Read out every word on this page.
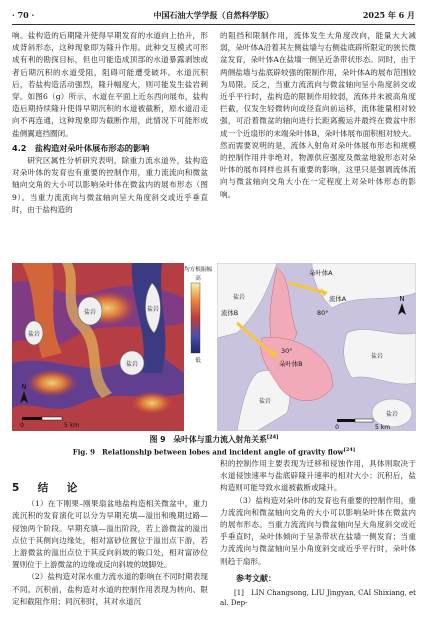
· 70 ·	中国石油大学学报（自然科学版）	2025 年 6 月

响。盐构造的后期隆升使得早期发育的水道向上抬升，形成背斜形态，这种现象即为隆升作用。此种交互模式可形成有利的勘探目标，但也可能造成顶部的水道暴露剥蚀或者后期沉积的水道受阻，阻碍可能遭受破坏。水道沉积后，若盐构造活动强烈，隆升幅度大，则可能发生盐岩刺穿。如图6（g）所示，水道在平面上近东西向展布，盐构造后期持续隆升使得早期沉积的水道被截断，原水道沿走向不再连通，这种现象即为截断作用，此情况下可能形成盐侧翼遮挡圈闭。

4.2　盐构造对朵叶体展布形态的影响

研究区属性分析研究表明，除重力流水道外，盐构造对朵叶体的发育也有重要的控制作用，重力流流向和微盆轴向交角的大小可以影响朵叶体在微盆内的展布形态（图9）。当重力流流向与微盆轴向呈大角度斜交或近乎垂直时，由于盐构造的

的阻挡和限制作用，流体发生大角度改向，能量大大减弱，朵叶体A沿着其左侧盐墙与右侧盐底辟所限定的狭长微盆发育，朵叶体A在盐墙一侧呈近条带状形态。同时，由于两侧盐墙与盐底辟较强的限制作用，朵叶体A的展布范围较为局限。反之，当重力流流向与微盆轴向呈小角度斜交或近乎平行时，盐构造的限制作用较弱，流体并未被高角度拦截，仅发生轻微转向或径直向前运移，流体能量相对较强，可沿着微盆的轴向进行长距离搬运并最终在微盆中形成一个近扇形的末端朵叶体B，朵叶体展布面积相对较大。然而需要说明的是，流体入射角对朵叶体展布形态和规模的控制作用并非绝对，物源供应强度及微盆地貌形态对朵叶体的展布同样也具有重要的影响，这里只是强调流体流向与微盆轴向交角大小在一定程度上对朵叶体形态的影响。

盐岩	盐岩
盐岩
盐岩
N
0	5 km
均方根振幅
高
低
朵叶体A
流体A
80°
流体B
朵叶体B
30°
盐岩
盐岩
盐岩
盐岩
N
0	5 km
图 9　朵叶体与重力流入射角关系[24]
Fig. 9　Relationship between lobes and incident angle of gravity flow[24]
5　结　论

（1）在下刚果–刚果扇盆地盐构造相关微盆中，重力流沉积的发育演化可以分为早期充填—溢出和晚期过路—侵蚀两个阶段。早期充填—溢出阶段，若上游微盆的溢出点位于其侧向边缘处，相对富砂位置位于溢出点下游，若上游微盆的溢出点位于其反向斜坡的鞍口处，相对富砂位置则位于上游微盆的边缘或反向斜坡的坡脚处。

（2）盐构造对深水重力流水道的影响在不同时期表现不同。沉积前，盐构造对水道的控制作用表现为转向、限定和截阻作用；同沉积时，其对水道沉

积的控制作用主要表现为迁移和侵蚀作用，具体则取决于水道侵蚀速率与盐底辟隆升速率的相对大小；沉积后，盐构造则可能导致水道被截断或隆升。

（3）盐构造对朵叶体的发育也有重要的控制作用，重力流流向和微盆轴向交角的大小可以影响朵叶体在微盆内的展布形态。当重力流流向与微盆轴向呈大角度斜交或近乎垂直时，朵叶体倾向于呈条带状在盐墙一侧发育；当重力流流向与微盆轴向呈小角度斜交或近乎平行时，朵叶体则趋于扇形。

参考文献：

[1]　LIN Changsong, LIU Jingyan, CAI Shixiang, et al. Dep-
